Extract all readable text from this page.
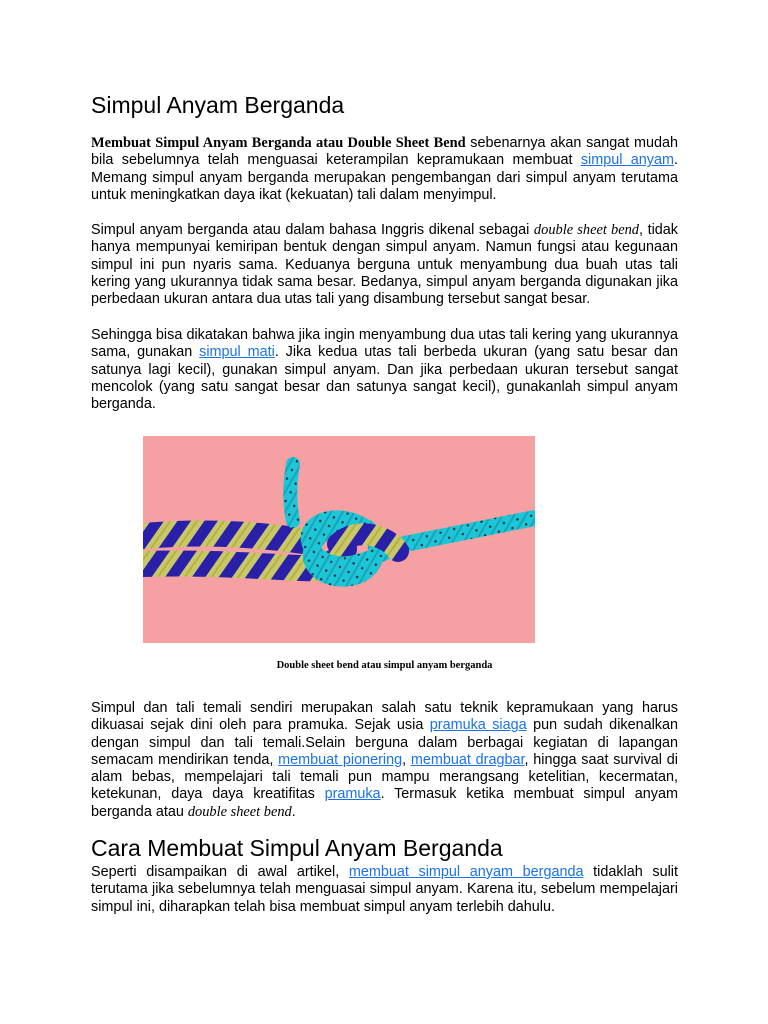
Simpul Anyam Berganda
Membuat Simpul Anyam Berganda atau Double Sheet Bend sebenarnya akan sangat mudah
bila sebelumnya telah menguasai keterampilan kepramukaan membuat simpul anyam.
Memang simpul anyam berganda merupakan pengembangan dari simpul anyam terutama
untuk meningkatkan daya ikat (kekuatan) tali dalam menyimpul.
Simpul anyam berganda atau dalam bahasa Inggris dikenal sebagai double sheet bend, tidak
hanya mempunyai kemiripan bentuk dengan simpul anyam. Namun fungsi atau kegunaan
simpul ini pun nyaris sama. Keduanya berguna untuk menyambung dua buah utas tali
kering yang ukurannya tidak sama besar. Bedanya, simpul anyam berganda digunakan jika
perbedaan ukuran antara dua utas tali yang disambung tersebut sangat besar.
Sehingga bisa dikatakan bahwa jika ingin menyambung dua utas tali kering yang ukurannya
sama, gunakan simpul mati. Jika kedua utas tali berbeda ukuran (yang satu besar dan
satunya lagi kecil), gunakan simpul anyam. Dan jika perbedaan ukuran tersebut sangat
mencolok (yang satu sangat besar dan satunya sangat kecil), gunakanlah simpul anyam
berganda.
Double sheet bend atau simpul anyam berganda
Simpul dan tali temali sendiri merupakan salah satu teknik kepramukaan yang harus
dikuasai sejak dini oleh para pramuka. Sejak usia pramuka siaga pun sudah dikenalkan
dengan simpul dan tali temali.Selain berguna dalam berbagai kegiatan di lapangan
semacam mendirikan tenda, membuat pionering, membuat dragbar, hingga saat survival di
alam bebas, mempelajari tali temali pun mampu merangsang ketelitian, kecermatan,
ketekunan, daya daya kreatifitas pramuka. Termasuk ketika membuat simpul anyam
berganda atau double sheet bend.
Cara Membuat Simpul Anyam Berganda
Seperti disampaikan di awal artikel, membuat simpul anyam berganda tidaklah sulit
terutama jika sebelumnya telah menguasai simpul anyam. Karena itu, sebelum mempelajari
simpul ini, diharapkan telah bisa membuat simpul anyam terlebih dahulu.
